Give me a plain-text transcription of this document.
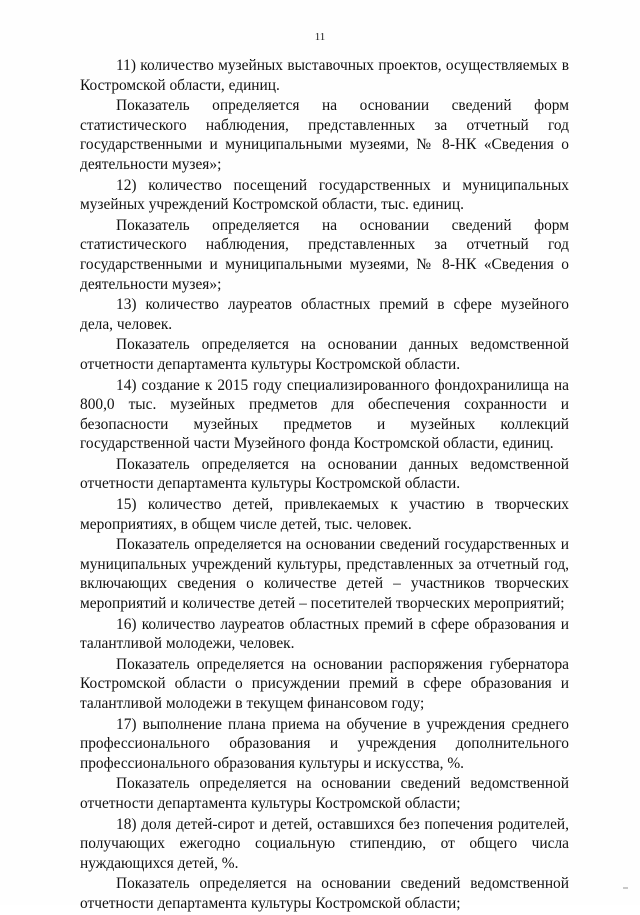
11

11) количество музейных выставочных проектов, осуществляемых в Костромской области, единиц.

Показатель определяется на основании сведений форм статистического наблюдения, представленных за отчетный год государственными и муниципальными музеями, № 8-НК «Сведения о деятельности музея»;

12) количество посещений государственных и муниципальных музейных учреждений Костромской области, тыс. единиц.

Показатель определяется на основании сведений форм статистического наблюдения, представленных за отчетный год государственными и муниципальными музеями, № 8-НК «Сведения о деятельности музея»;

13) количество лауреатов областных премий в сфере музейного дела, человек.

Показатель определяется на основании данных ведомственной отчетности департамента культуры Костромской области.

14) создание к 2015 году специализированного фондохранилища на 800,0 тыс. музейных предметов для обеспечения сохранности и безопасности музейных предметов и музейных коллекций государственной части Музейного фонда Костромской области, единиц.

Показатель определяется на основании данных ведомственной отчетности департамента культуры Костромской области.

15) количество детей, привлекаемых к участию в творческих мероприятиях, в общем числе детей, тыс. человек.

Показатель определяется на основании сведений государственных и муниципальных учреждений культуры, представленных за отчетный год, включающих сведения о количестве детей – участников творческих мероприятий и количестве детей – посетителей творческих мероприятий;

16) количество лауреатов областных премий в сфере образования и талантливой молодежи, человек.

Показатель определяется на основании распоряжения губернатора Костромской области о присуждении премий в сфере образования и талантливой молодежи в текущем финансовом году;

17) выполнение плана приема на обучение в учреждения среднего профессионального образования и учреждения дополнительного профессионального образования культуры и искусства, %.

Показатель определяется на основании сведений ведомственной отчетности департамента культуры Костромской области;

18) доля детей-сирот и детей, оставшихся без попечения родителей, получающих ежегодно социальную стипендию, от общего числа нуждающихся детей, %.

Показатель определяется на основании сведений ведомственной отчетности департамента культуры Костромской области;
